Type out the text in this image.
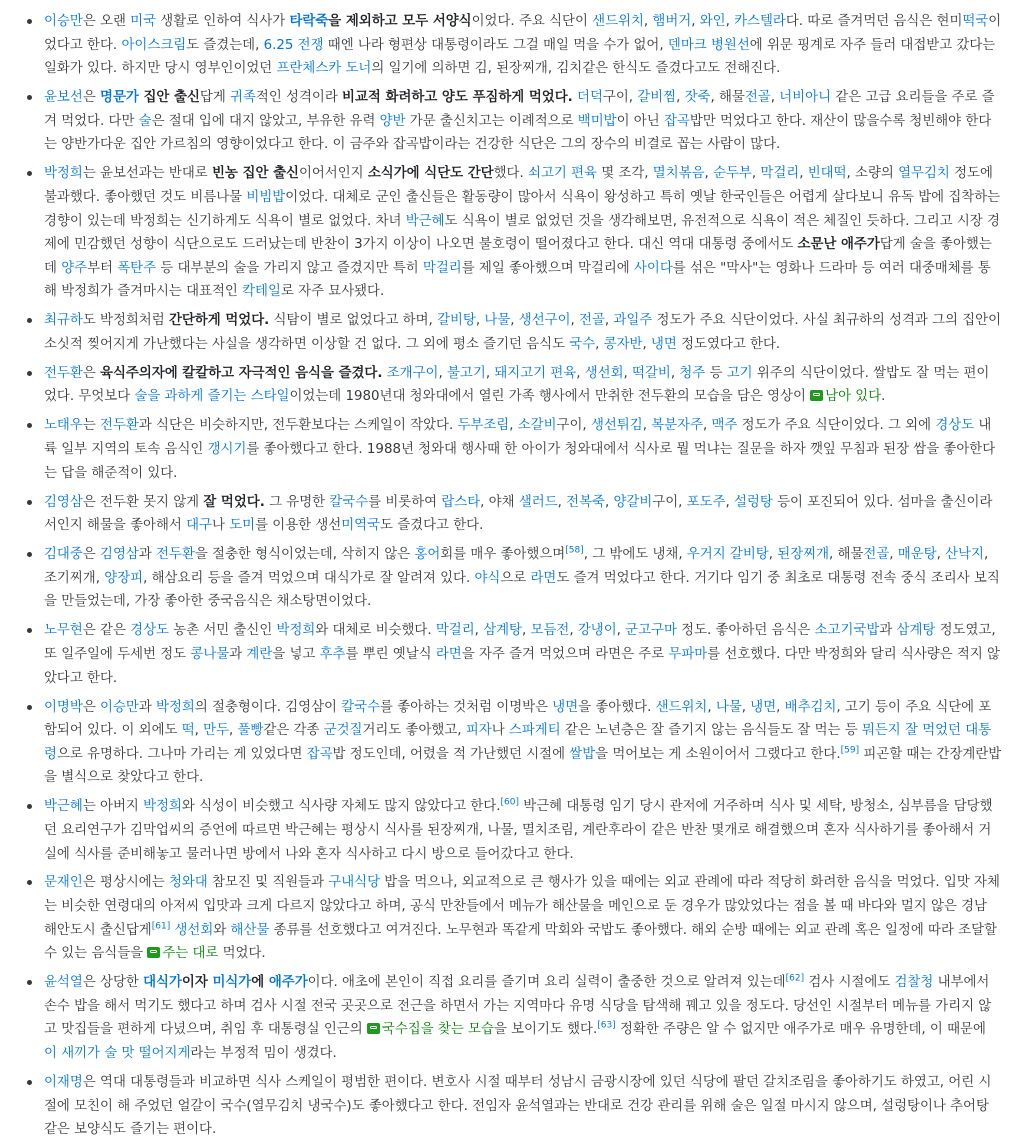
이승만은 오랜 미국 생활로 인하여 식사가 타락죽을 제외하고 모두 서양식이었다. 주요 식단이 샌드위치, 햄버거, 와인, 카스텔라다. 따로 즐겨먹던 음식은 현미떡국이었다고 한다. 아이스크림도 즐겼는데, 6.25 전쟁 때엔 나라 형편상 대통령이라도 그걸 매일 먹을 수가 없어, 덴마크 병원선에 위문 핑계로 자주 들러 대접받고 갔다는 일화가 있다. 하지만 당시 영부인이었던 프란체스카 도너의 일기에 의하면 김, 된장찌개, 김치같은 한식도 즐겼다고도 전해진다.
윤보선은 명문가 집안 출신답게 귀족적인 성격이라 비교적 화려하고 양도 푸짐하게 먹었다. 더덕구이, 갈비찜, 잣죽, 해물전골, 너비아니 같은 고급 요리들을 주로 즐겨 먹었다. 다만 술은 절대 입에 대지 않았고, 부유한 유력 양반 가문 출신치고는 이례적으로 백미밥이 아닌 잡곡밥만 먹었다고 한다. 재산이 많을수록 청빈해야 한다는 양반가다운 집안 가르침의 영향이었다고 한다. 이 금주와 잡곡밥이라는 건강한 식단은 그의 장수의 비결로 꼽는 사람이 많다.
박정희는 윤보선과는 반대로 빈농 집안 출신이어서인지 소식가에 식단도 간단했다. 쇠고기 편육 몇 조각, 멸치볶음, 순두부, 막걸리, 빈대떡, 소량의 열무김치 정도에 불과했다. 좋아했던 것도 비름나물 비빔밥이었다. 대체로 군인 출신들은 활동량이 많아서 식욕이 왕성하고 특히 옛날 한국인들은 어렵게 살다보니 유독 밥에 집착하는 경향이 있는데 박정희는 신기하게도 식욕이 별로 없었다. 차녀 박근혜도 식욕이 별로 없었던 것을 생각해보면, 유전적으로 식욕이 적은 체질인 듯하다. 그리고 시장 경제에 민감했던 성향이 식단으로도 드러났는데 반찬이 3가지 이상이 나오면 불호령이 떨어졌다고 한다. 대신 역대 대통령 중에서도 소문난 애주가답게 술을 좋아했는데 양주부터 폭탄주 등 대부분의 술을 가리지 않고 즐겼지만 특히 막걸리를 제일 좋아했으며 막걸리에 사이다를 섞은 "막사"는 영화나 드라마 등 여러 대중매체를 통해 박정희가 즐겨마시는 대표적인 칵테일로 자주 묘사됐다.
최규하도 박정희처럼 간단하게 먹었다. 식탐이 별로 없었다고 하며, 갈비탕, 나물, 생선구이, 전골, 과일주 정도가 주요 식단이었다. 사실 최규하의 성격과 그의 집안이 소싯적 찢어지게 가난했다는 사실을 생각하면 이상할 건 없다. 그 외에 평소 즐기던 음식도 국수, 콩자반, 냉면 정도였다고 한다.
전두환은 육식주의자에 칼칼하고 자극적인 음식을 즐겼다. 조개구이, 불고기, 돼지고기 편육, 생선회, 떡갈비, 청주 등 고기 위주의 식단이었다. 쌀밥도 잘 먹는 편이었다. 무엇보다 술을 과하게 즐기는 스타일이었는데 1980년대 청와대에서 열린 가족 행사에서 만취한 전두환의 모습을 담은 영상이 남아 있다.
노태우는 전두환과 식단은 비슷하지만, 전두환보다는 스케일이 작았다. 두부조림, 소갈비구이, 생선튀김, 복분자주, 맥주 정도가 주요 식단이었다. 그 외에 경상도 내륙 일부 지역의 토속 음식인 갱시기를 좋아했다고 한다. 1988년 청와대 행사때 한 아이가 청와대에서 식사로 뭘 먹냐는 질문을 하자 깻잎 무침과 된장 쌈을 좋아한다는 답을 해준적이 있다.
김영삼은 전두환 못지 않게 잘 먹었다. 그 유명한 칼국수를 비롯하여 랍스타, 야채 샐러드, 전복죽, 양갈비구이, 포도주, 설렁탕 등이 포진되어 있다. 섬마을 출신이라서인지 해물을 좋아해서 대구나 도미를 이용한 생선미역국도 즐겼다고 한다.
김대중은 김영삼과 전두환을 절충한 형식이었는데, 삭히지 않은 홍어회를 매우 좋아했으며[58], 그 밖에도 냉채, 우거지 갈비탕, 된장찌개, 해물전골, 매운탕, 산낙지, 조기찌개, 양장피, 해삼요리 등을 즐겨 먹었으며 대식가로 잘 알려져 있다. 야식으로 라면도 즐겨 먹었다고 한다. 거기다 임기 중 최초로 대통령 전속 중식 조리사 보직을 만들었는데, 가장 좋아한 중국음식은 채소탕면이었다.
노무현은 같은 경상도 농촌 서민 출신인 박정희와 대체로 비슷했다. 막걸리, 삼계탕, 모듬전, 강냉이, 군고구마 정도. 좋아하던 음식은 소고기국밥과 삼계탕 정도였고, 또 일주일에 두세번 정도 콩나물과 계란을 넣고 후추를 뿌린 옛날식 라면을 자주 즐겨 먹었으며 라면은 주로 무파마를 선호했다. 다만 박정희와 달리 식사량은 적지 않았다고 한다.
이명박은 이승만과 박정희의 절충형이다. 김영삼이 칼국수를 좋아하는 것처럼 이명박은 냉면을 좋아했다. 샌드위치, 나물, 냉면, 배추김치, 고기 등이 주요 식단에 포함되어 있다. 이 외에도 떡, 만두, 풀빵같은 각종 군것질거리도 좋아했고, 피자나 스파게티 같은 노년층은 잘 즐기지 않는 음식들도 잘 먹는 등 뭐든지 잘 먹었던 대통령으로 유명하다. 그나마 가리는 게 있었다면 잡곡밥 정도인데, 어렸을 적 가난했던 시절에 쌀밥을 먹어보는 게 소원이어서 그랬다고 한다.[59] 피곤할 때는 간장계란밥을 별식으로 찾았다고 한다.
박근혜는 아버지 박정희와 식성이 비슷했고 식사량 자체도 많지 않았다고 한다.[60] 박근혜 대통령 임기 당시 관저에 거주하며 식사 및 세탁, 방청소, 심부름을 담당했던 요리연구가 김막업씨의 증언에 따르면 박근혜는 평상시 식사를 된장찌개, 나물, 멸치조림, 계란후라이 같은 반찬 몇개로 해결했으며 혼자 식사하기를 좋아해서 거실에 식사를 준비해놓고 물러나면 방에서 나와 혼자 식사하고 다시 방으로 들어갔다고 한다.
문재인은 평상시에는 청와대 참모진 및 직원들과 구내식당 밥을 먹으나, 외교적으로 큰 행사가 있을 때에는 외교 관례에 따라 적당히 화려한 음식을 먹었다. 입맛 자체는 비슷한 연령대의 아저씨 입맛과 크게 다르지 않았다고 하며, 공식 만찬들에서 메뉴가 해산물을 메인으로 둔 경우가 많았었다는 점을 볼 때 바다와 멀지 않은 경남 해안도시 출신답게[61] 생선회와 해산물 종류를 선호했다고 여겨진다. 노무현과 똑같게 막회와 국밥도 좋아했다. 해외 순방 때에는 외교 관례 혹은 일정에 따라 조달할 수 있는 음식들을 주는 대로 먹었다.
윤석열은 상당한 대식가이자 미식가에 애주가이다. 애초에 본인이 직접 요리를 즐기며 요리 실력이 출중한 것으로 알려져 있는데[62] 검사 시절에도 검찰청 내부에서 손수 밥을 해서 먹기도 했다고 하며 검사 시절 전국 곳곳으로 전근을 하면서 가는 지역마다 유명 식당을 탐색해 꿰고 있을 정도다. 당선인 시절부터 메뉴를 가리지 않고 맛집들을 편하게 다녔으며, 취임 후 대통령실 인근의 국수집을 찾는 모습을 보이기도 했다.[63] 정확한 주량은 알 수 없지만 애주가로 매우 유명한데, 이 때문에 이 새끼가 술 맛 떨어지게라는 부정적 밈이 생겼다.
이재명은 역대 대통령들과 비교하면 식사 스케일이 평범한 편이다. 변호사 시절 때부터 성남시 금광시장에 있던 식당에 팔던 갈치조림을 좋아하기도 하였고, 어린 시절에 모친이 해 주었던 얼갈이 국수(열무김치 냉국수)도 좋아했다고 한다. 전임자 윤석열과는 반대로 건강 관리를 위해 술은 일절 마시지 않으며, 설렁탕이나 추어탕 같은 보양식도 즐기는 편이다.
